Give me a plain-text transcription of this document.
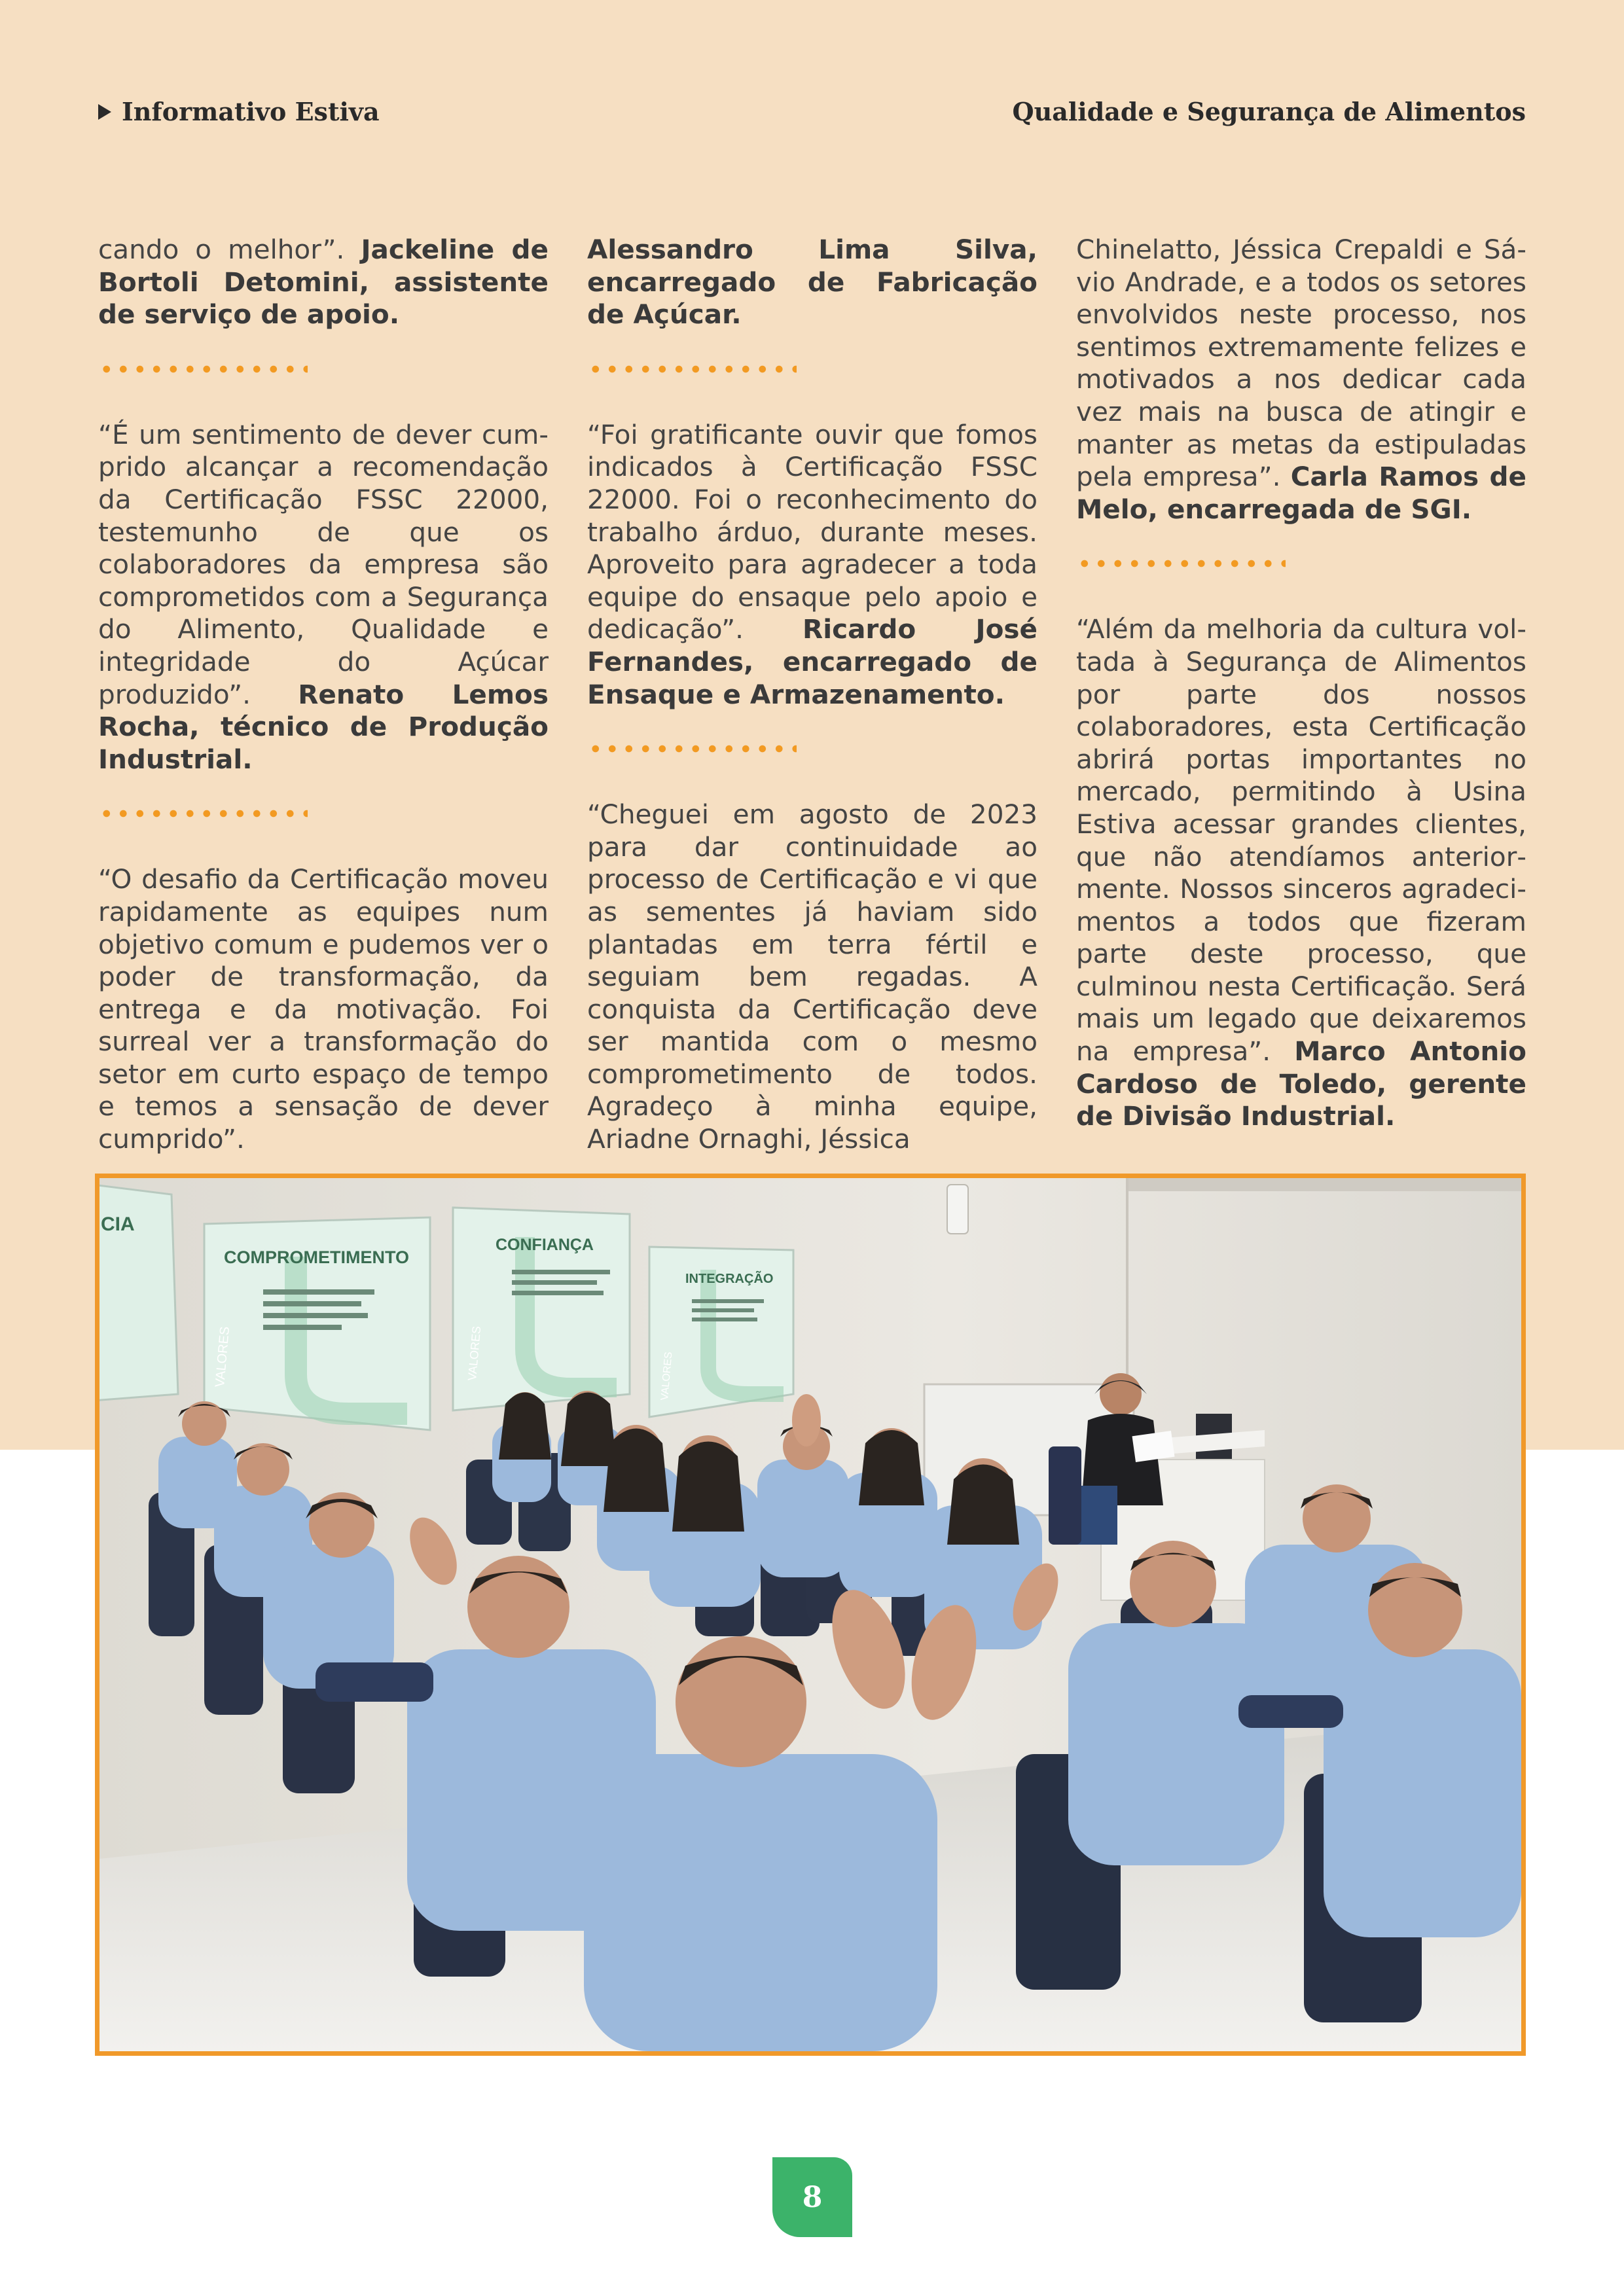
Informativo Estiva	Qualidade e Segurança de Alimentos

cando o melhor”. Jackeline de Bortoli Detomini, assistente de serviço de apoio.

“É um sentimento de dever cumprido alcançar a recomendação da Certificação FSSC 22000, testemunho de que os colaboradores da empresa são comprometidos com a Segurança do Alimento, Qualidade e integridade do Açúcar produzido”. Renato Lemos Rocha, técnico de Produção Industrial.

“O desafio da Certificação moveu rapidamente as equipes num objetivo comum e pudemos ver o poder de transformação, da entrega e da motivação. Foi surreal ver a transformação do setor em curto espaço de tempo e temos a sensação de dever cumprido”.

Alessandro Lima Silva, encarregado de Fabricação de Açúcar.

“Foi gratificante ouvir que fomos indicados à Certificação FSSC 22000. Foi o reconhecimento do trabalho árduo, durante meses. Aproveito para agradecer a toda equipe do ensaque pelo apoio e dedicação”. Ricardo José Fernandes, encarregado de Ensaque e Armazenamento.

“Cheguei em agosto de 2023 para dar continuidade ao processo de Certificação e vi que as sementes já haviam sido plantadas em terra fértil e seguiam bem regadas. A conquista da Certificação deve ser mantida com o mesmo comprometimento de todos. Agradeço à minha equipe, Ariadne Ornaghi, Jéssica

Chinelatto, Jéssica Crepaldi e Sávio Andrade, e a todos os setores envolvidos neste processo, nos sentimos extremamente felizes e motivados a nos dedicar cada vez mais na busca de atingir e manter as metas da estipuladas pela empresa”. Carla Ramos de Melo, encarregada de SGI.

“Além da melhoria da cultura voltada à Segurança de Alimentos por parte dos nossos colaboradores, esta Certificação abrirá portas importantes no mercado, permitindo à Usina Estiva acessar grandes clientes, que não atendíamos anteriormente. Nossos sinceros agradecimentos a todos que fizeram parte deste processo, que culminou nesta Certificação. Será mais um legado que deixaremos na empresa”. Marco Antonio Cardoso de Toledo, gerente de Divisão Industrial.

CIA
COMPROMETIMENTO
VALORES
CONFIANÇA
VALORES
INTEGRAÇÃO
VALORES
8
